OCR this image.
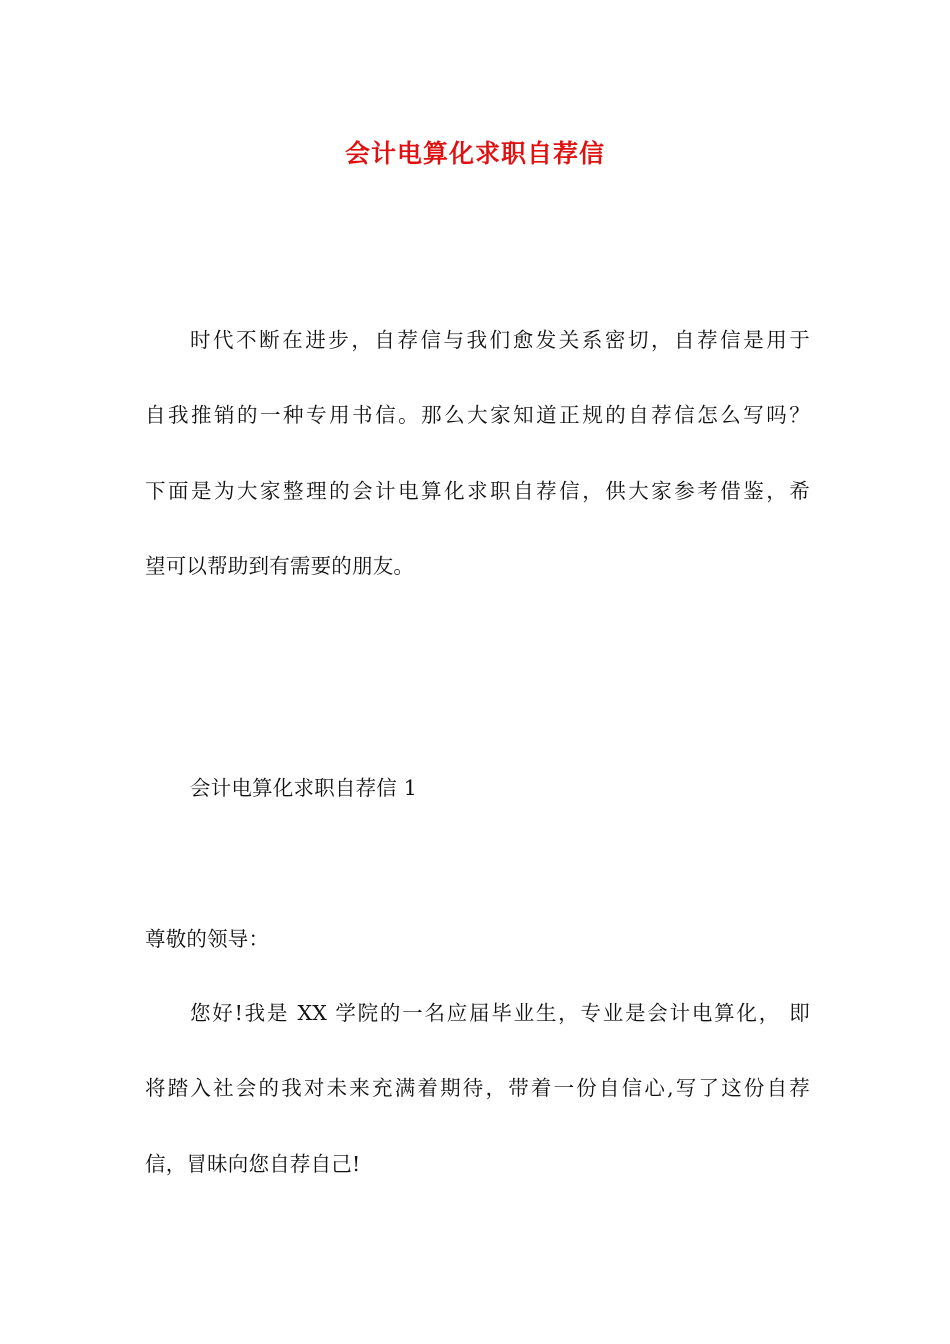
会计电算化求职自荐信
时代不断在进步，自荐信与我们愈发关系密切，自荐信是用于
自我推销的一种专用书信。那么大家知道正规的自荐信怎么写吗？
下面是为大家整理的会计电算化求职自荐信，供大家参考借鉴，希
望可以帮助到有需要的朋友。
会计电算化求职自荐信 1
尊敬的领导：
您好!我是 XX 学院的一名应届毕业生，专业是会计电算化， 即
将踏入社会的我对未来充满着期待，带着一份自信心,写了这份自荐
信，冒昧向您自荐自己!
